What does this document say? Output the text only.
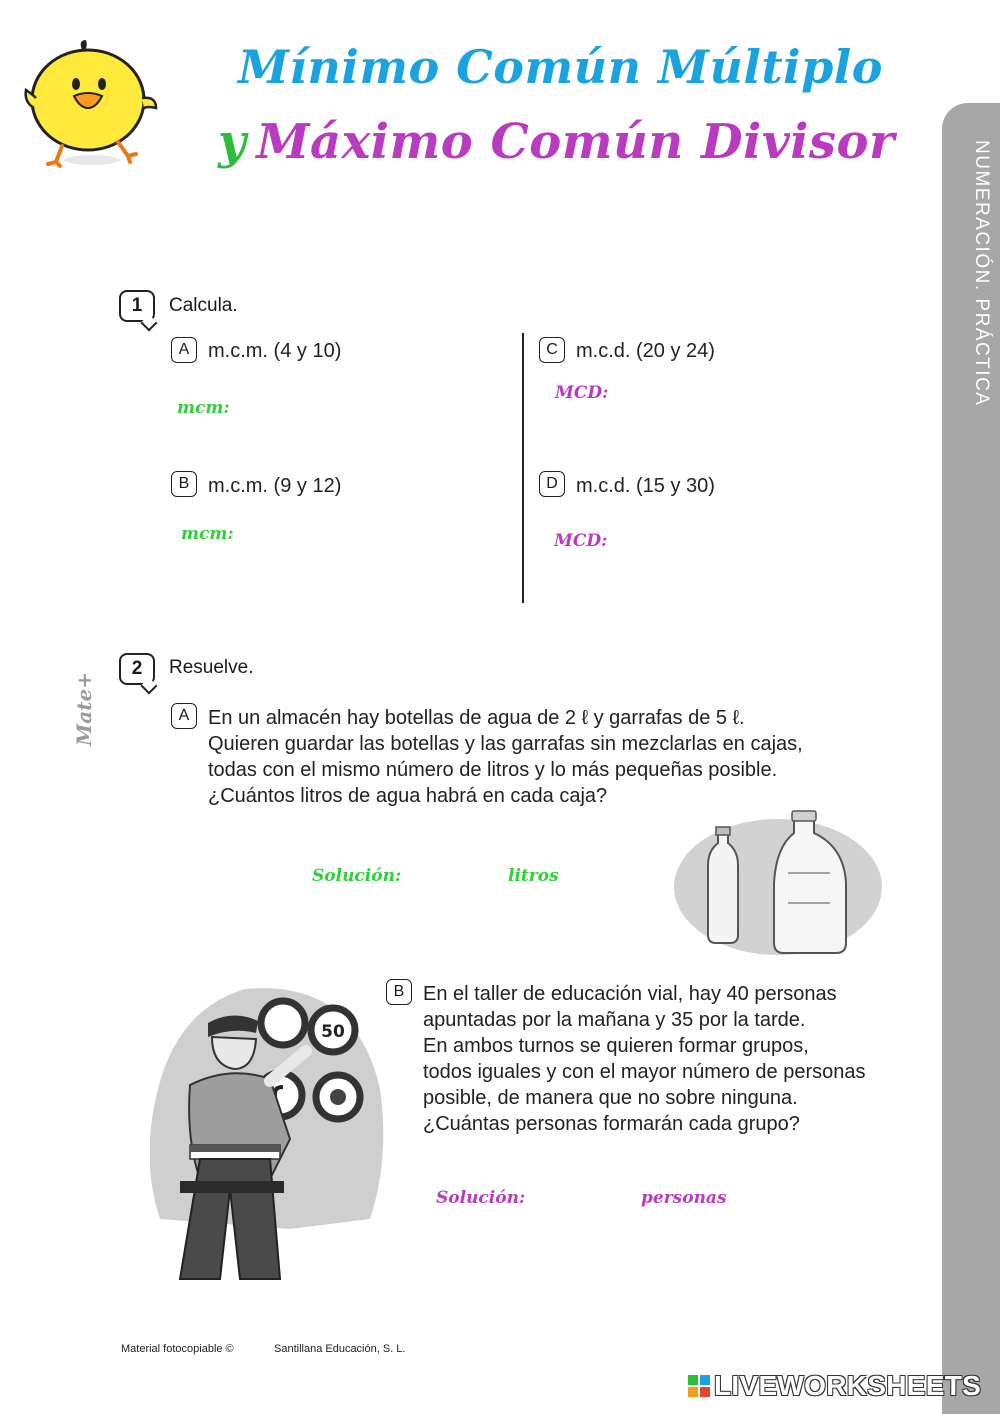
Mínimo Común Múltiplo
y Máximo Común Divisor	NUMERACIÓN. PRÁCTICA
Mate+
1	Calcula.
A m.c.m. (4 y 10)
mcm:
B m.c.m. (9 y 12)
mcm:
C m.c.d. (20 y 24)
MCD:
D m.c.d. (15 y 30)
MCD:
2	Resuelve.
A En un almacén hay botellas de agua de 2 ℓ y garrafas de 5 ℓ.
Quieren guardar las botellas y las garrafas sin mezclarlas en cajas,
todas con el mismo número de litros y lo más pequeñas posible.
¿Cuántos litros de agua habrá en cada caja?
Solución:	litros
50
B En el taller de educación vial, hay 40 personas
apuntadas por la mañana y 35 por la tarde.
En ambos turnos se quieren formar grupos,
todos iguales y con el mayor número de personas
posible, de manera que no sobre ninguna.
¿Cuántas personas formarán cada grupo?
Solución:	personas
Material fotocopiable ©	Santillana Educación, S. L.
LIVEWORKSHEETS
